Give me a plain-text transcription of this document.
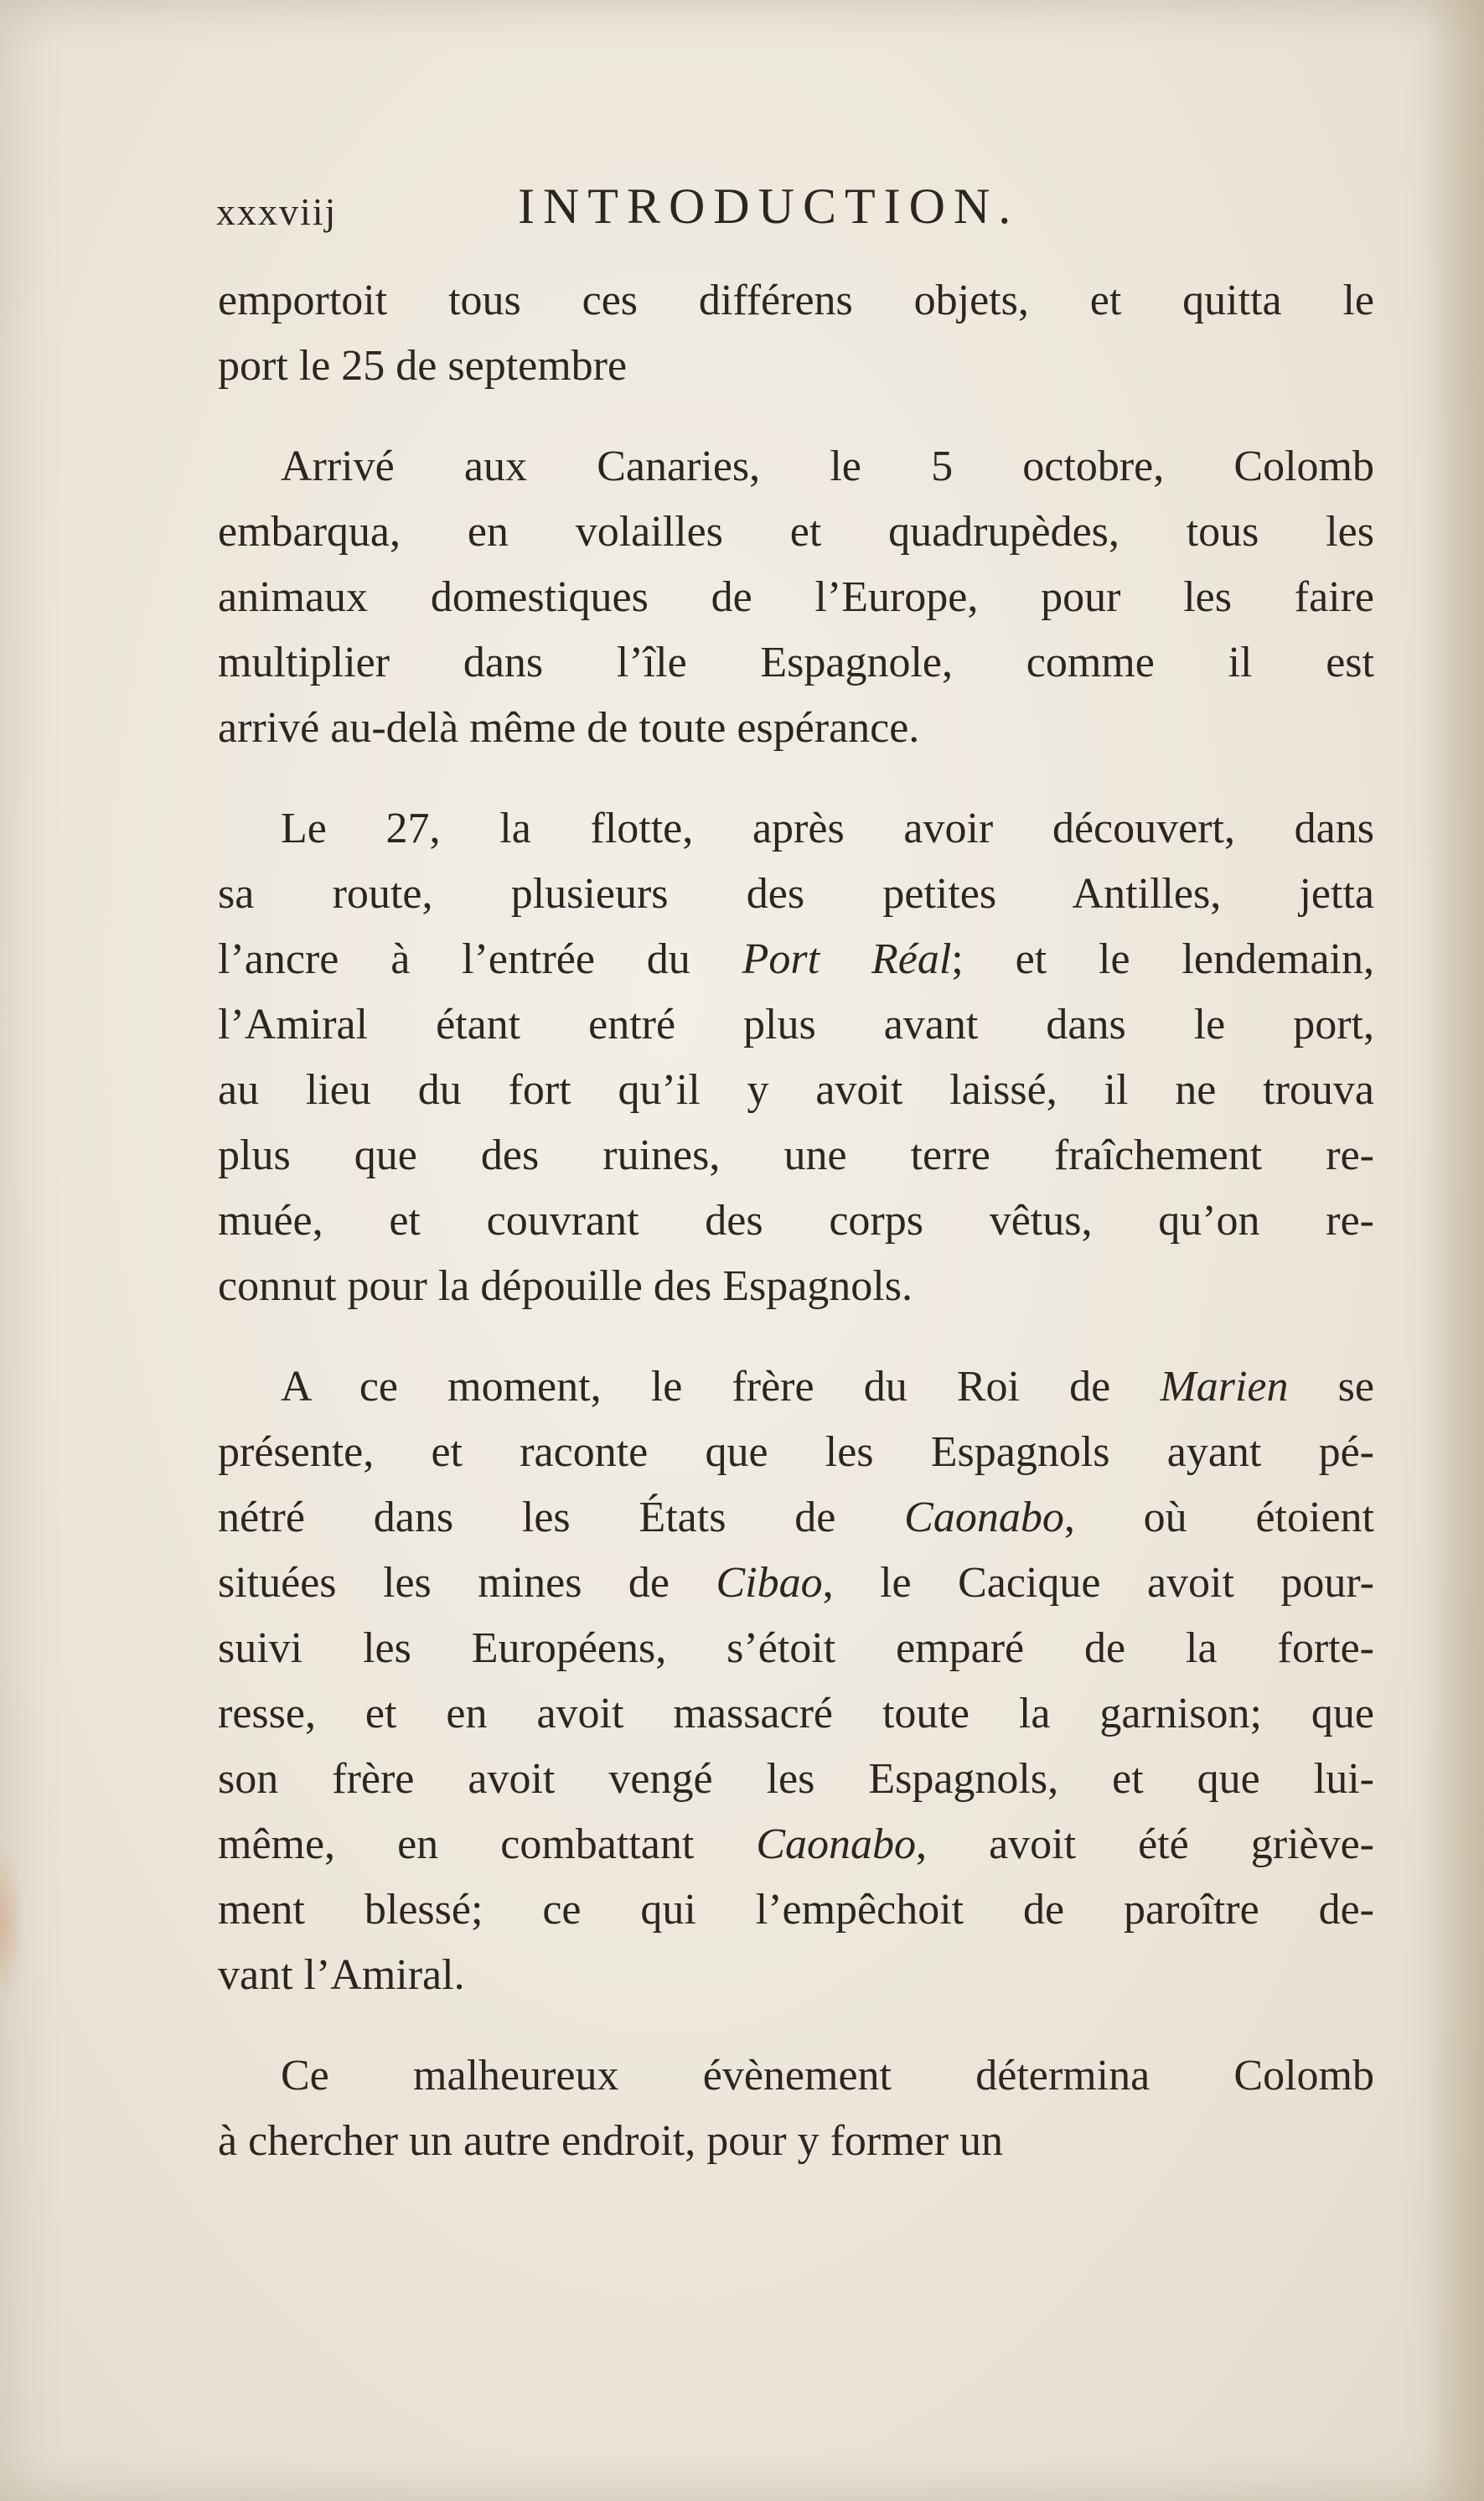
xxxviij	INTRODUCTION.
emportoit tous ces différens objets, et quitta le
port le 25 de septembre
Arrivé aux Canaries, le 5 octobre, Colomb
embarqua, en volailles et quadrupèdes, tous les
animaux domestiques de l’Europe, pour les faire
multiplier dans l’île Espagnole, comme il est
arrivé au-delà même de toute espérance.
Le 27, la flotte, après avoir découvert, dans
sa route, plusieurs des petites Antilles, jetta
l’ancre à l’entrée du Port Réal; et le lendemain,
l’Amiral étant entré plus avant dans le port,
au lieu du fort qu’il y avoit laissé, il ne trouva
plus que des ruines, une terre fraîchement re-
muée, et couvrant des corps vêtus, qu’on re-
connut pour la dépouille des Espagnols.
A ce moment, le frère du Roi de Marien se
présente, et raconte que les Espagnols ayant pé-
nétré dans les États de Caonabo, où étoient
situées les mines de Cibao, le Cacique avoit pour-
suivi les Européens, s’étoit emparé de la forte-
resse, et en avoit massacré toute la garnison; que
son frère avoit vengé les Espagnols, et que lui-
même, en combattant Caonabo, avoit été grièvе-
ment blessé; ce qui l’empêchoit de paroître de-
vant l’Amiral.
Ce malheureux évènement détermina Colomb
à chercher un autre endroit, pour y former un
